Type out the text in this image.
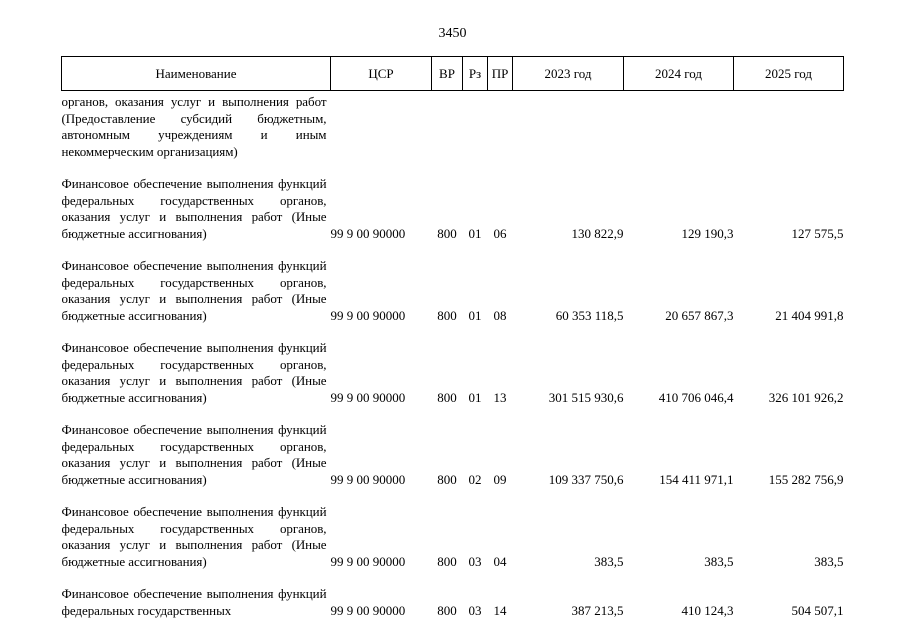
3450
Наименование	ЦСР	ВР	Рз	ПР	2023 год	2024 год	2025 год
органов, оказания услуг и выполнения работ (Предоставление субсидий бюджетным, автономным учреждениям и иным некоммерческим организациям)							
Финансовое обеспечение выполнения функций федеральных государственных органов, оказания услуг и выполнения работ (Иные бюджетные ассигнования)	99 9 00 90000	800	01	06	130 822,9	129 190,3	127 575,5
Финансовое обеспечение выполнения функций федеральных государственных органов, оказания услуг и выполнения работ (Иные бюджетные ассигнования)	99 9 00 90000	800	01	08	60 353 118,5	20 657 867,3	21 404 991,8
Финансовое обеспечение выполнения функций федеральных государственных органов, оказания услуг и выполнения работ (Иные бюджетные ассигнования)	99 9 00 90000	800	01	13	301 515 930,6	410 706 046,4	326 101 926,2
Финансовое обеспечение выполнения функций федеральных государственных органов, оказания услуг и выполнения работ (Иные бюджетные ассигнования)	99 9 00 90000	800	02	09	109 337 750,6	154 411 971,1	155 282 756,9
Финансовое обеспечение выполнения функций федеральных государственных органов, оказания услуг и выполнения работ (Иные бюджетные ассигнования)	99 9 00 90000	800	03	04	383,5	383,5	383,5
Финансовое обеспечение выполнения функций федеральных государственных	99 9 00 90000	800	03	14	387 213,5	410 124,3	504 507,1
